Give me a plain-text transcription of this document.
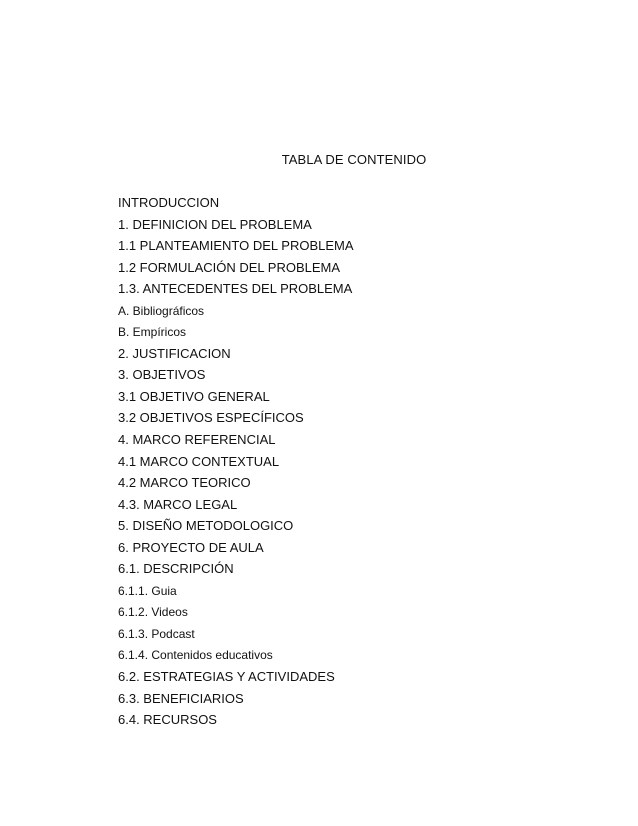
TABLA DE CONTENIDO
INTRODUCCION
1. DEFINICION DEL PROBLEMA
1.1 PLANTEAMIENTO DEL PROBLEMA
1.2 FORMULACIÓN DEL PROBLEMA
1.3. ANTECEDENTES DEL PROBLEMA
A. Bibliográficos
B. Empíricos
2. JUSTIFICACION
3. OBJETIVOS
3.1 OBJETIVO GENERAL
3.2 OBJETIVOS ESPECÍFICOS
4. MARCO REFERENCIAL
4.1 MARCO CONTEXTUAL
4.2 MARCO TEORICO
4.3. MARCO LEGAL
5. DISEÑO METODOLOGICO
6. PROYECTO DE AULA
6.1. DESCRIPCIÓN
6.1.1. Guia
6.1.2. Videos
6.1.3. Podcast
6.1.4. Contenidos educativos
6.2. ESTRATEGIAS Y ACTIVIDADES
6.3. BENEFICIARIOS
6.4. RECURSOS
